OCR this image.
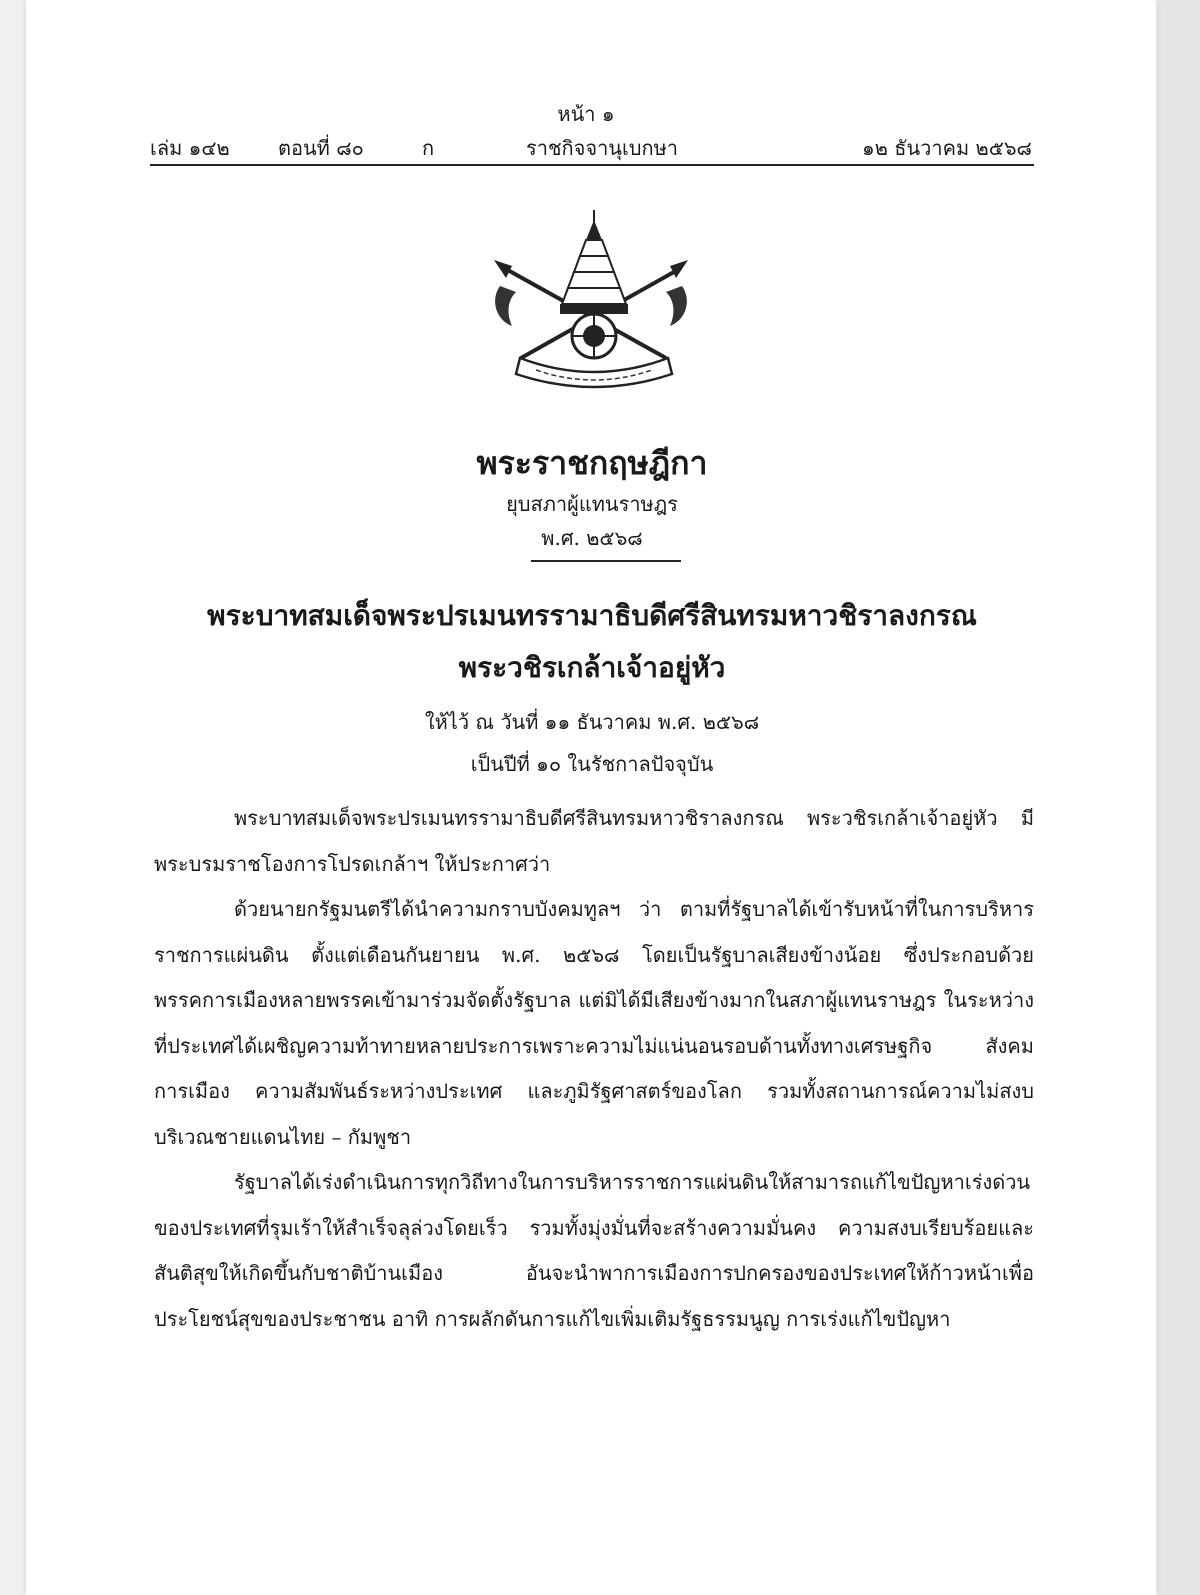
หน้า ๑
เล่ม ๑๔๒ ตอนที่ ๘๐	ก	ราชกิจจานุเบกษา	๑๒ ธันวาคม ๒๕๖๘
พระราชกฤษฎีกา
ยุบสภาผู้แทนราษฎร
พ.ศ. ๒๕๖๘
พระบาทสมเด็จพระปรเมนทรรามาธิบดีศรีสินทรมหาวชิราลงกรณ
พระวชิรเกล้าเจ้าอยู่หัว
ให้ไว้ ณ วันที่ ๑๑ ธันวาคม พ.ศ. ๒๕๖๘
เป็นปีที่ ๑๐ ในรัชกาลปัจจุบัน

พระบาทสมเด็จพระปรเมนทรรามาธิบดีศรีสินทรมหาวชิราลงกรณ พระวชิรเกล้าเจ้าอยู่หัว มีพระบรมราชโองการโปรดเกล้าฯ ให้ประกาศว่า

ด้วยนายกรัฐมนตรีได้นำความกราบบังคมทูลฯ ว่า ตามที่รัฐบาลได้เข้ารับหน้าที่ในการบริหารราชการแผ่นดิน ตั้งแต่เดือนกันยายน พ.ศ. ๒๕๖๘ โดยเป็นรัฐบาลเสียงข้างน้อย ซึ่งประกอบด้วยพรรคการเมืองหลายพรรคเข้ามาร่วมจัดตั้งรัฐบาล แต่มิได้มีเสียงข้างมากในสภาผู้แทนราษฎร ในระหว่างที่ประเทศได้เผชิญความท้าทายหลายประการเพราะความไม่แน่นอนรอบด้านทั้งทางเศรษฐกิจ สังคม การเมือง ความสัมพันธ์ระหว่างประเทศ และภูมิรัฐศาสตร์ของโลก รวมทั้งสถานการณ์ความไม่สงบบริเวณชายแดนไทย – กัมพูชา

รัฐบาลได้เร่งดำเนินการทุกวิถีทางในการบริหารราชการแผ่นดินให้สามารถแก้ไขปัญหาเร่งด่วนของประเทศที่รุมเร้าให้สำเร็จลุล่วงโดยเร็ว รวมทั้งมุ่งมั่นที่จะสร้างความมั่นคง ความสงบเรียบร้อยและสันติสุขให้เกิดขึ้นกับชาติบ้านเมือง อันจะนำพาการเมืองการปกครองของประเทศให้ก้าวหน้าเพื่อประโยชน์สุขของประชาชน อาทิ การผลักดันการแก้ไขเพิ่มเติมรัฐธรรมนูญ การเร่งแก้ไขปัญหา
